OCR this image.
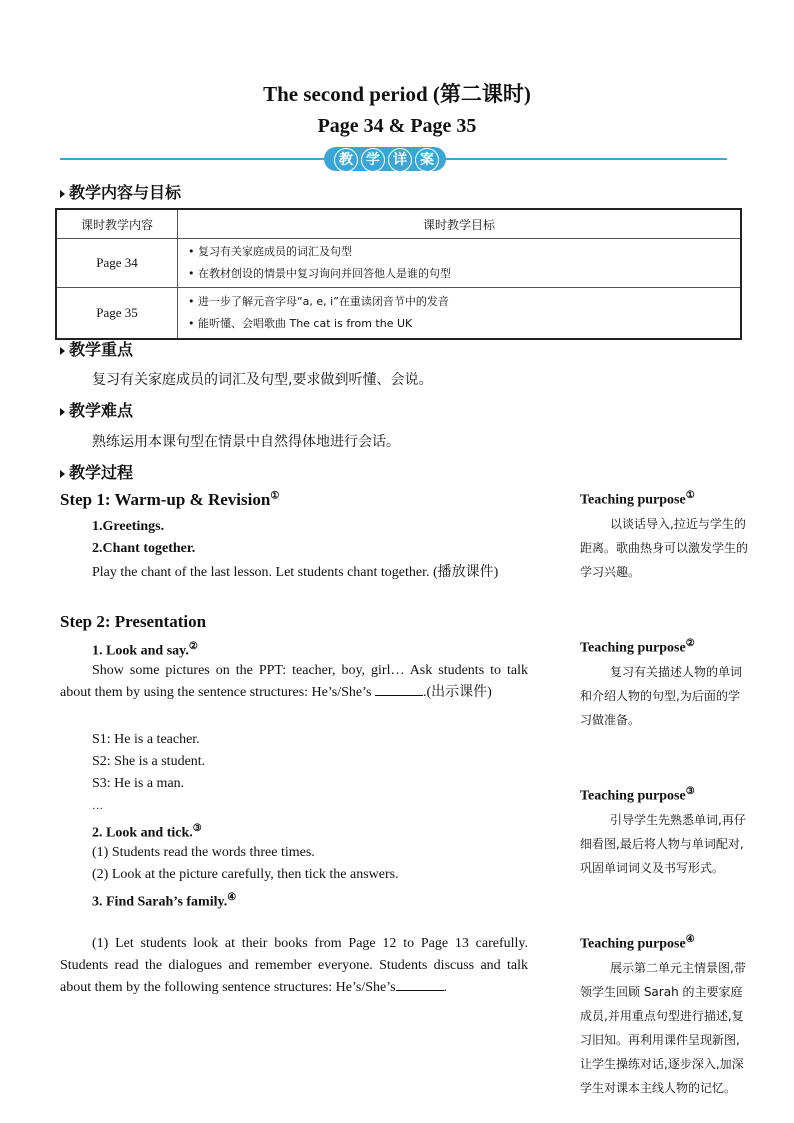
The second period (第二课时)
Page 34 & Page 35
教 学 详 案
教学内容与目标
课时教学内容	课时教学目标
Page 34	• 复习有关家庭成员的词汇及句型
• 在教材创设的情景中复习询问并回答他人是谁的句型

Page 35	• 进一步了解元音字母“a, e, i”在重读闭音节中的发音
• 能听懂、会唱歌曲 The cat is from the UK
教学重点
复习有关家庭成员的词汇及句型,要求做到听懂、会说。
教学难点
熟练运用本课句型在情景中自然得体地进行会话。
教学过程
Step 1: Warm-up & Revision①
1.Greetings.
2.Chant together.
Play the chant of the last lesson. Let students chant together. (播放课件)
Step 2: Presentation
1. Look and say.②
Show some pictures on the PPT: teacher, boy, girl… Ask students to talk about them by using the sentence structures: He’s/She’s	.(出示课件)
S1: He is a teacher.
S2: She is a student.
S3: He is a man.
…
2. Look and tick.③
(1) Students read the words three times.
(2) Look at the picture carefully, then tick the answers.
3. Find Sarah’s family.④
(1) Let students look at their books from Page 12 to Page 13 carefully. Students read the dialogues and remember everyone. Students discuss and talk about them by the following sentence structures: He’s/She’s	.
Teaching purpose①
以谈话导入,拉近与学生的距离。歌曲热身可以激发学生的学习兴趣。
Teaching purpose②
复习有关描述人物的单词和介绍人物的句型,为后面的学习做准备。
Teaching purpose③
引导学生先熟悉单词,再仔细看图,最后将人物与单词配对,巩固单词词义及书写形式。
Teaching purpose④
展示第二单元主情景图,带领学生回顾 Sarah 的主要家庭成员,并用重点句型进行描述,复习旧知。再利用课件呈现新图,让学生操练对话,逐步深入,加深学生对课本主线人物的记忆。
